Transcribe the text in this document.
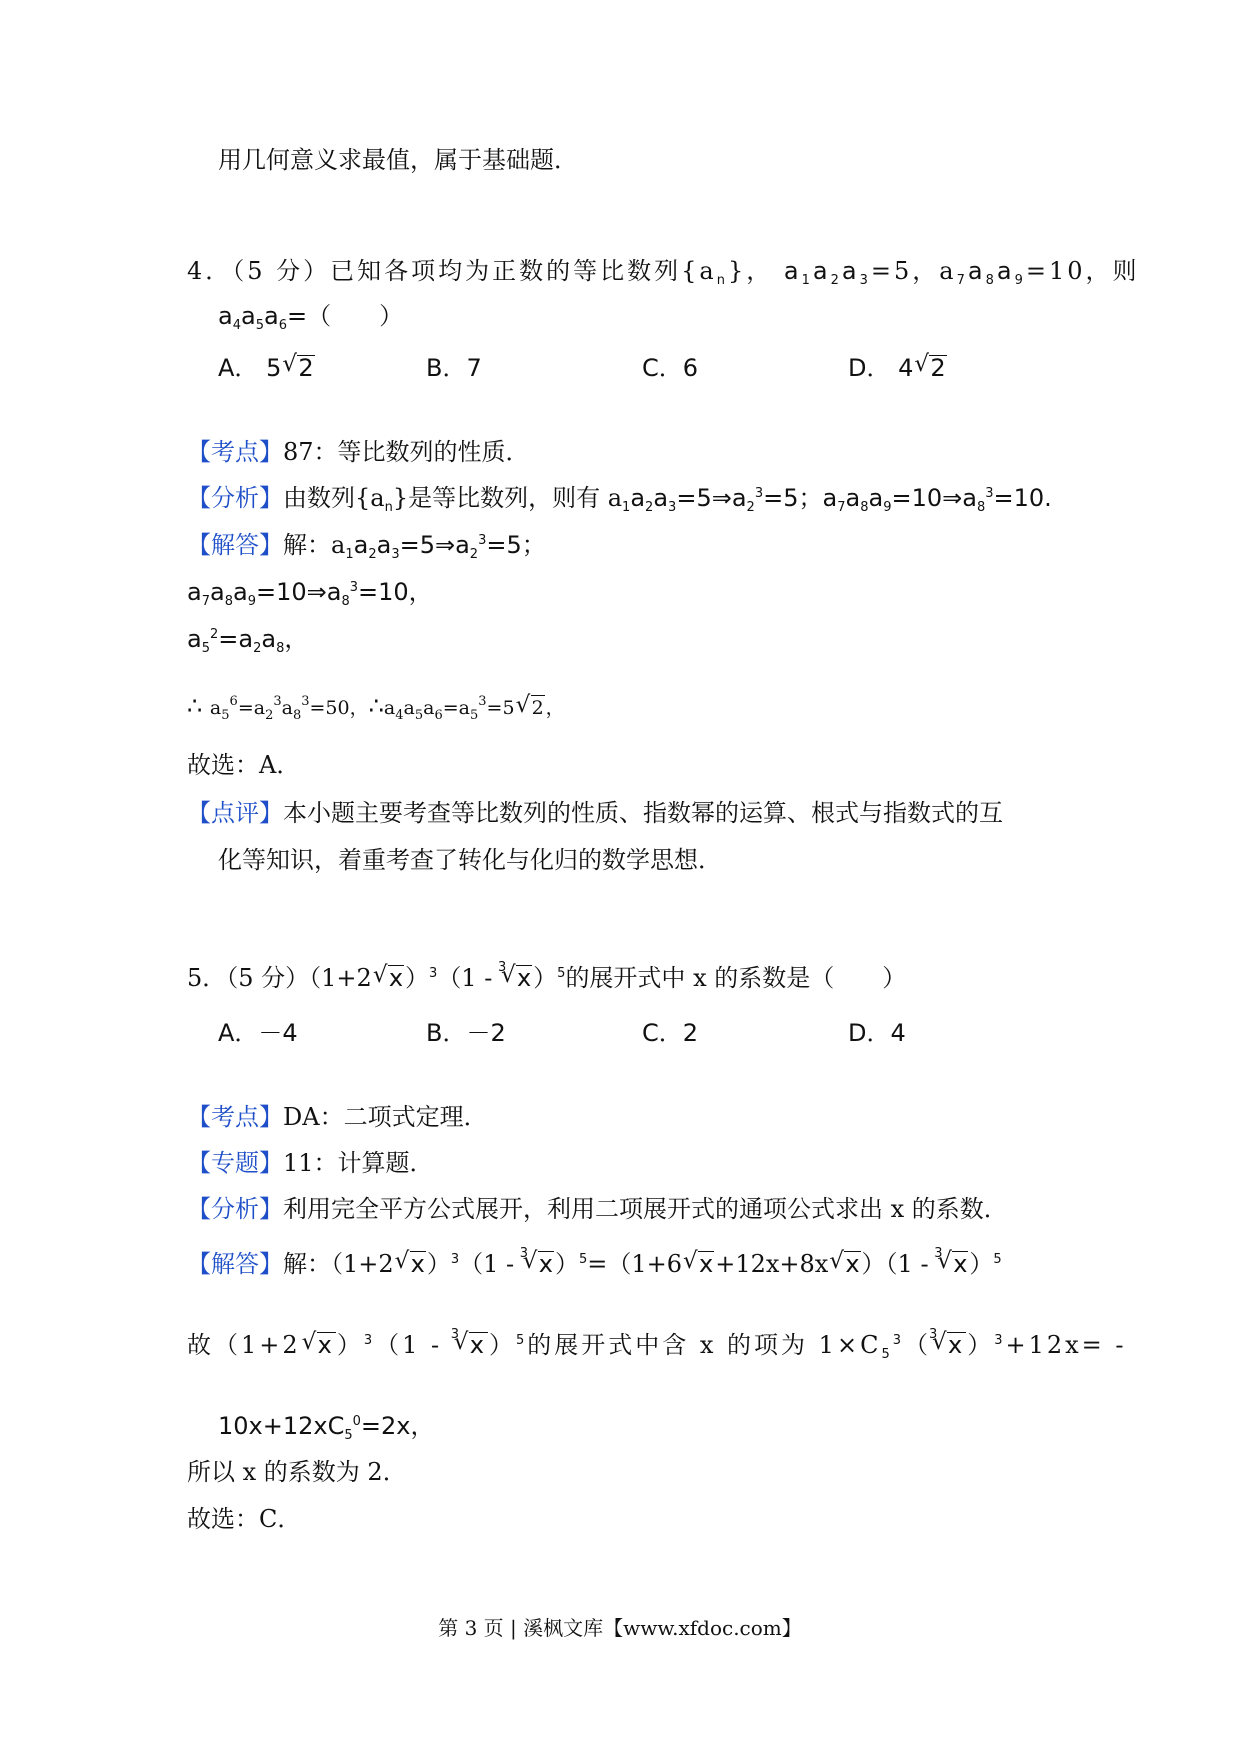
用几何意义求最值，属于基础题．
4．（5 分）已知各项均为正数的等比数列$\{a_n\}$， $a_1a_2a_3=5$，$a_7a_8a_9=10$，则
$a_4a_5a_6=$（　　）
A． 5√ 2	B．7	C．6	D． 4√ 2
【考点】87：等比数列的性质．
【分析】由数列$\{a_n\}$是等比数列，则有 $a_1a_2a_3=5\Rightarrow a_2^3=5$；$a_7a_8a_9=10\Rightarrow a_8^3=10$.
【解答】解：$a_1a_2a_3=5\Rightarrow a_2^3=5$；
$a_7a_8a_9=10\Rightarrow a_8^3=10$，
$a_5^2=a_2a_8$，
∴ $a_5^6=a_2^3a_8^3=50$，$\therefore a_4a_5a_6=a_5^3=5√$ 2 ，
故选：A．
【点评】本小题主要考查等比数列的性质、指数幂的运算、根式与指数式的互
化等知识，着重考查了转化与化归的数学思想．
5．（5 分）（1+2√ x）$^3$（1 -
√ 3 x）$^5$的展开式中 x 的系数是（　　）
A．－4	B．－2	C．2	D．4
【考点】DA：二项式定理．
【专题】11：计算题．
【分析】利用完全平方公式展开，利用二项展开式的通项公式求出 x 的系数．
【解答】解：（1+2√ x）$^3$（1 -
√ 3 x）$^5$=（1+6√ x+12x+8x√ x）（1 -
√ 3 x）$^5$
故（1+2√ x）$^3$（1 -
√ 3 x）$^5$的展开式中含 x 的项为 $1\times C_5^3$（
√ 3 x）$^3$+12x= -
$10x+12xC_5^0=2x$，
所以 x 的系数为 2．
故选：C．
第 3 页 | 溪枫文库【www.xfdoc.com】
